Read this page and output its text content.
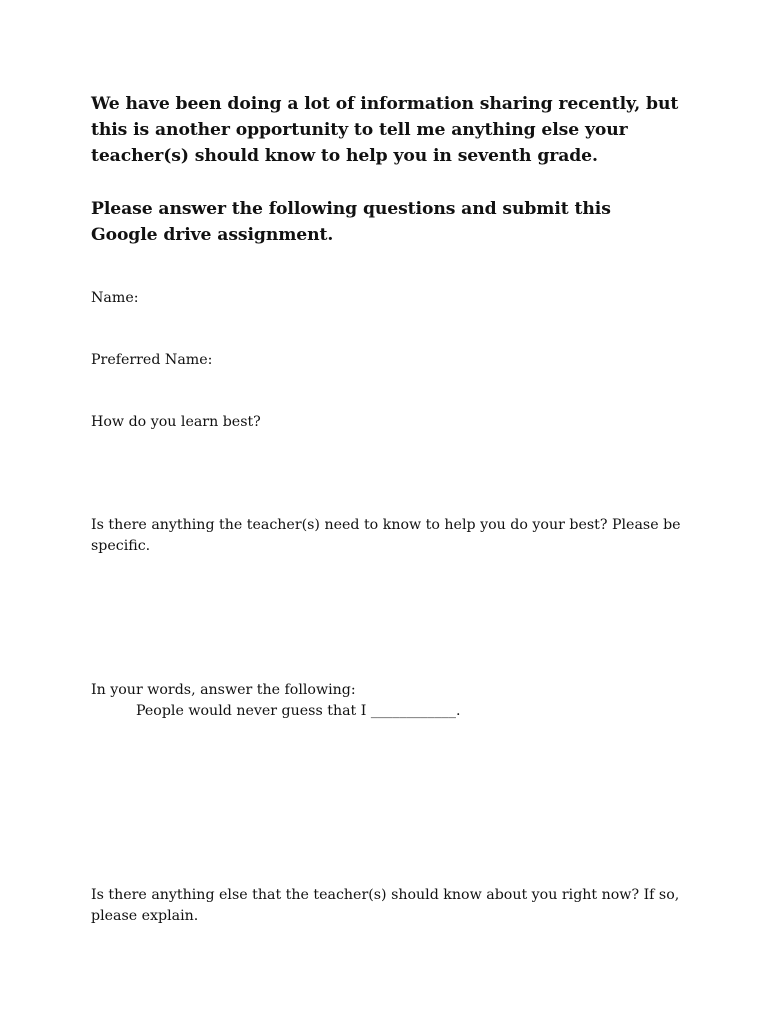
We have been doing a lot of information sharing recently, but this is another opportunity to tell me anything else your teacher(s) should know to help you in seventh grade.
Please answer the following questions and submit this Google drive assignment.
Name:
Preferred Name:
How do you learn best?
Is there anything the teacher(s) need to know to help you do your best? Please be specific.
In your words, answer the following:
People would never guess that I ____________.
Is there anything else that the teacher(s) should know about you right now? If so, please explain.
